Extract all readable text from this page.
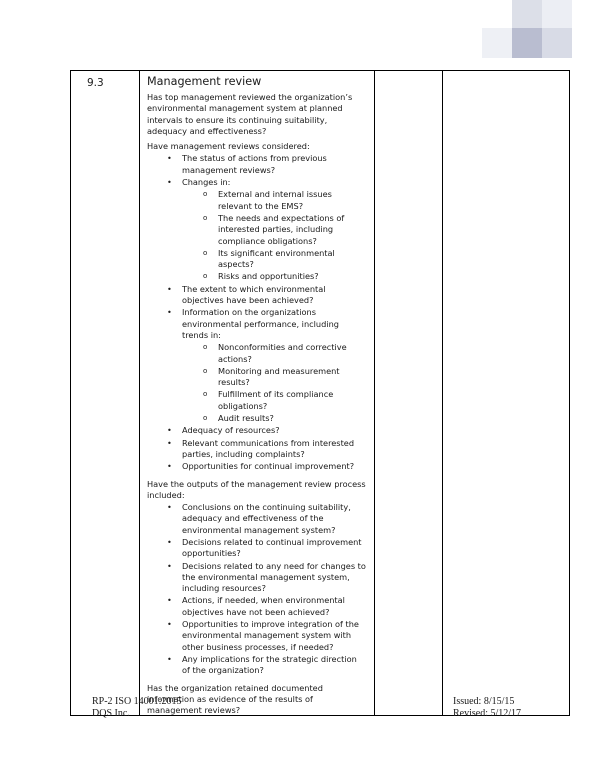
9.3	Management review

Has top management reviewed the organization’s environmental management system at planned intervals to ensure its continuing suitability, adequacy and effectiveness?

Have management reviews considered:

• The status of actions from previous management reviews?
• Changes in:
o External and internal issues relevant to the EMS?
o The needs and expectations of interested parties, including compliance obligations?
o Its significant environmental aspects?
o Risks and opportunities?
• The extent to which environmental objectives have been achieved?
• Information on the organizations environmental performance, including trends in:
o Nonconformities and corrective actions?
o Monitoring and measurement results?
o Fulfillment of its compliance obligations?
o Audit results?
• Adequacy of resources?
• Relevant communications from interested parties, including complaints?
• Opportunities for continual improvement?

Have the outputs of the management review process included:

• Conclusions on the continuing suitability, adequacy and effectiveness of the environmental management system?
• Decisions related to continual improvement opportunities?
• Decisions related to any need for changes to the environmental management system, including resources?
• Actions, if needed, when environmental objectives have not been achieved?
• Opportunities to improve integration of the environmental management system with other business processes, if needed?
• Any implications for the strategic direction of the organization?

Has the organization retained documented information as evidence of the results of management reviews?

RP-2 ISO 14001:2015
DQS Inc.
Issued: 8/15/15
Revised: 5/12/17
